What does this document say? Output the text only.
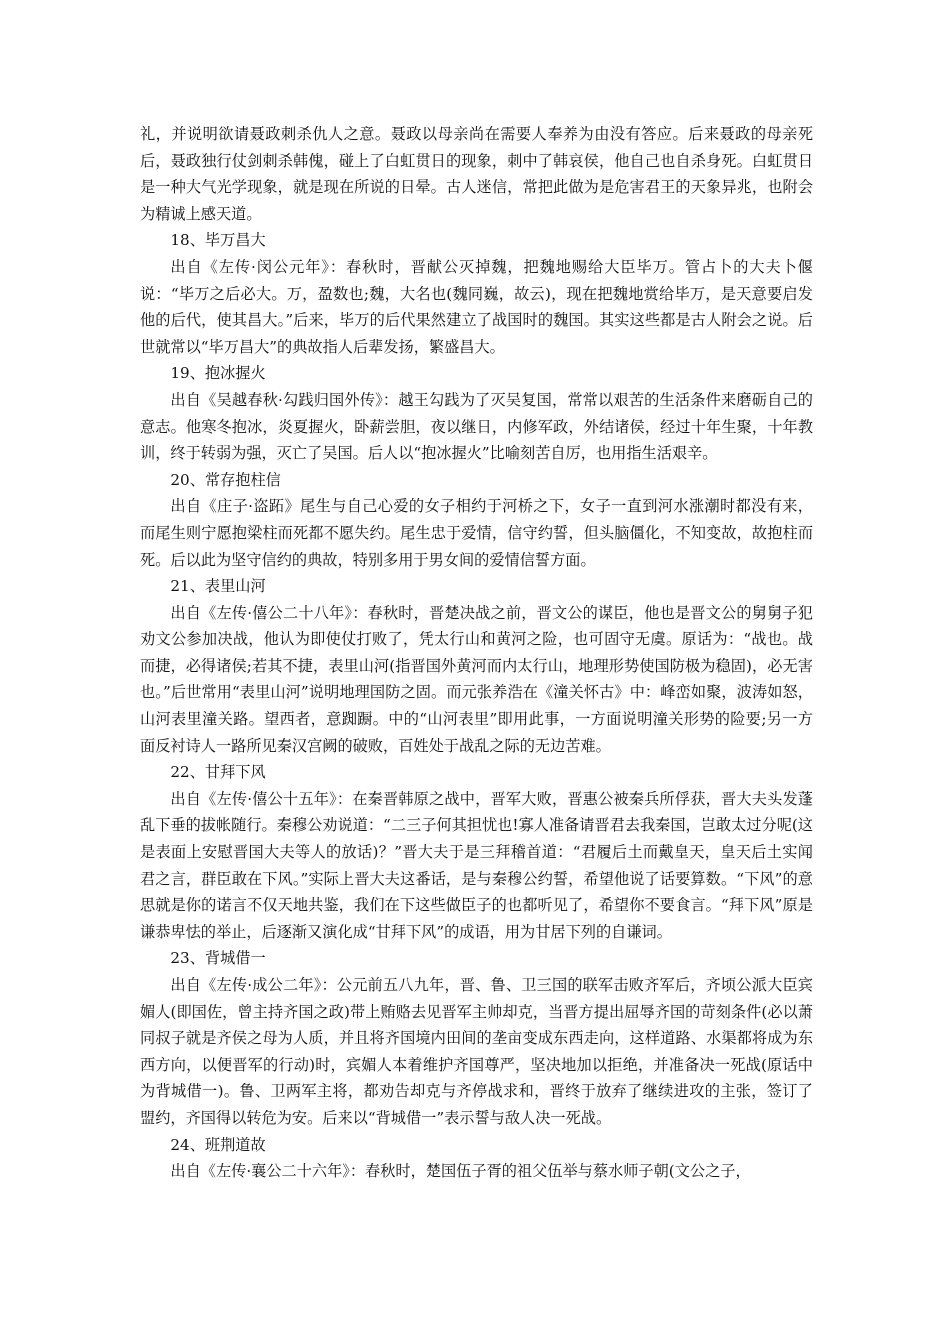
礼，并说明欲请聂政刺杀仇人之意。聂政以母亲尚在需要人奉养为由没有答应。后来聂政的母亲死后，聂政独行仗剑刺杀韩傀，碰上了白虹贯日的现象，刺中了韩哀侯，他自己也自杀身死。白虹贯日是一种大气光学现象，就是现在所说的日晕。古人迷信，常把此做为是危害君王的天象异兆，也附会为精诚上感天道。

18、毕万昌大

出自《左传·闵公元年》：春秋时，晋献公灭掉魏，把魏地赐给大臣毕万。管占卜的大夫卜偃说：“毕万之后必大。万，盈数也;魏，大名也(魏同巍，故云)，现在把魏地赏给毕万，是天意要启发他的后代，使其昌大。”后来，毕万的后代果然建立了战国时的魏国。其实这些都是古人附会之说。后世就常以“毕万昌大”的典故指人后辈发扬，繁盛昌大。

19、抱冰握火

出自《吴越春秋·勾践归国外传》：越王勾践为了灭吴复国，常常以艰苦的生活条件来磨砺自己的意志。他寒冬抱冰，炎夏握火，卧薪尝胆，夜以继日，内修军政，外结诸侯，经过十年生聚，十年教训，终于转弱为强，灭亡了吴国。后人以“抱冰握火”比喻刻苦自厉，也用指生活艰辛。

20、常存抱柱信

出自《庄子·盗跖》尾生与自己心爱的女子相约于河桥之下，女子一直到河水涨潮时都没有来，而尾生则宁愿抱梁柱而死都不愿失约。尾生忠于爱情，信守约誓，但头脑僵化，不知变故，故抱柱而死。后以此为坚守信约的典故，特别多用于男女间的爱情信誓方面。

21、表里山河

出自《左传·僖公二十八年》：春秋时，晋楚决战之前，晋文公的谋臣，他也是晋文公的舅舅子犯劝文公参加决战，他认为即使仗打败了，凭太行山和黄河之险，也可固守无虞。原话为：“战也。战而捷，必得诸侯;若其不捷，表里山河(指晋国外黄河而内太行山，地理形势使国防极为稳固)，必无害也。”后世常用“表里山河”说明地理国防之固。而元张养浩在《潼关怀古》中：峰峦如聚，波涛如怒，山河表里潼关路。望西者，意踟蹰。中的“山河表里”即用此事，一方面说明潼关形势的险要;另一方面反衬诗人一路所见秦汉宫阙的破败，百姓处于战乱之际的无边苦难。

22、甘拜下风

出自《左传·僖公十五年》：在秦晋韩原之战中，晋军大败，晋惠公被秦兵所俘获，晋大夫头发蓬乱下垂的拔帐随行。秦穆公劝说道：“二三子何其担忧也!寡人准备请晋君去我秦国，岂敢太过分呢(这是表面上安慰晋国大夫等人的放话)？”晋大夫于是三拜稽首道：“君履后土而戴皇天，皇天后土实闻君之言，群臣敢在下风。”实际上晋大夫这番话，是与秦穆公约誓，希望他说了话要算数。“下风”的意思就是你的诺言不仅天地共鉴，我们在下这些做臣子的也都听见了，希望你不要食言。“拜下风”原是谦恭卑怯的举止，后逐渐又演化成“甘拜下风”的成语，用为甘居下列的自谦词。

23、背城借一

出自《左传·成公二年》：公元前五八九年，晋、鲁、卫三国的联军击败齐军后，齐顷公派大臣宾媚人(即国佐，曾主持齐国之政)带上贿赂去见晋军主帅却克，当晋方提出屈辱齐国的苛刻条件(必以萧同叔子就是齐侯之母为人质，并且将齐国境内田间的垄亩变成东西走向，这样道路、水渠都将成为东西方向，以便晋军的行动)时，宾媚人本着维护齐国尊严，坚决地加以拒绝，并准备决一死战(原话中为背城借一)。鲁、卫两军主将，都劝告却克与齐停战求和，晋终于放弃了继续进攻的主张，签订了盟约，齐国得以转危为安。后来以“背城借一”表示誓与敌人决一死战。

24、班荆道故

出自《左传·襄公二十六年》：春秋时，楚国伍子胥的祖父伍举与蔡水师子朝(文公之子，
